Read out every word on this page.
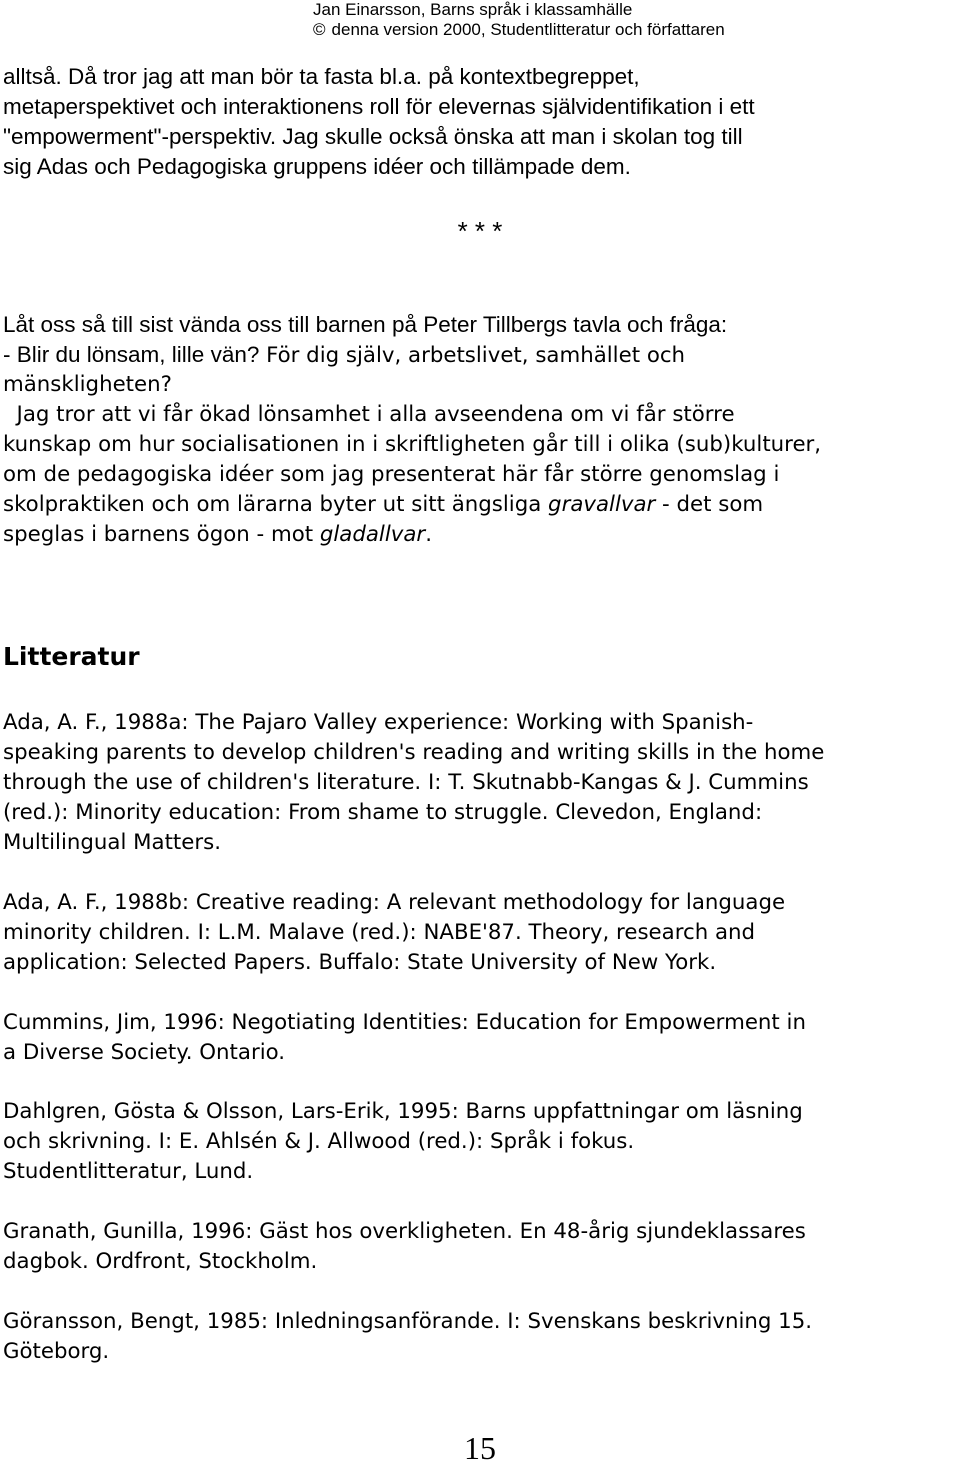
Jan Einarsson, Barns språk i klassamhälle
© denna version 2000, Studentlitteratur och författaren
alltså. Då tror jag att man bör ta fasta bl.a. på kontextbegreppet,
metaperspektivet och interaktionens roll för elevernas självidentifikation i ett
"empowerment"-perspektiv. Jag skulle också önska att man i skolan tog till
sig Adas och Pedagogiska gruppens idéer och tillämpade dem.
* * *
Låt oss så till sist vända oss till barnen på Peter Tillbergs tavla och fråga:
- Blir du lönsam, lille vän? För dig själv, arbetslivet, samhället och
mänskligheten?
Jag tror att vi får ökad lönsamhet i alla avseendena om vi får större
kunskap om hur socialisationen in i skriftligheten går till i olika (sub)kulturer,
om de pedagogiska idéer som jag presenterat här får större genomslag i
skolpraktiken och om lärarna byter ut sitt ängsliga gravallvar - det som
speglas i barnens ögon - mot gladallvar.
Litteratur
Ada, A. F., 1988a: The Pajaro Valley experience: Working with Spanish-
speaking parents to develop children's reading and writing skills in the home
through the use of children's literature. I: T. Skutnabb-Kangas & J. Cummins
(red.): Minority education: From shame to struggle. Clevedon, England:
Multilingual Matters.
Ada, A. F., 1988b: Creative reading: A relevant methodology for language
minority children. I: L.M. Malave (red.): NABE'87. Theory, research and
application: Selected Papers. Buffalo: State University of New York.
Cummins, Jim, 1996: Negotiating Identities: Education for Empowerment in
a Diverse Society. Ontario.
Dahlgren, Gösta & Olsson, Lars-Erik, 1995: Barns uppfattningar om läsning
och skrivning. I: E. Ahlsén & J. Allwood (red.): Språk i fokus.
Studentlitteratur, Lund.
Granath, Gunilla, 1996: Gäst hos overkligheten. En 48-årig sjundeklassares
dagbok. Ordfront, Stockholm.
Göransson, Bengt, 1985: Inledningsanförande. I: Svenskans beskrivning 15.
Göteborg.
15
